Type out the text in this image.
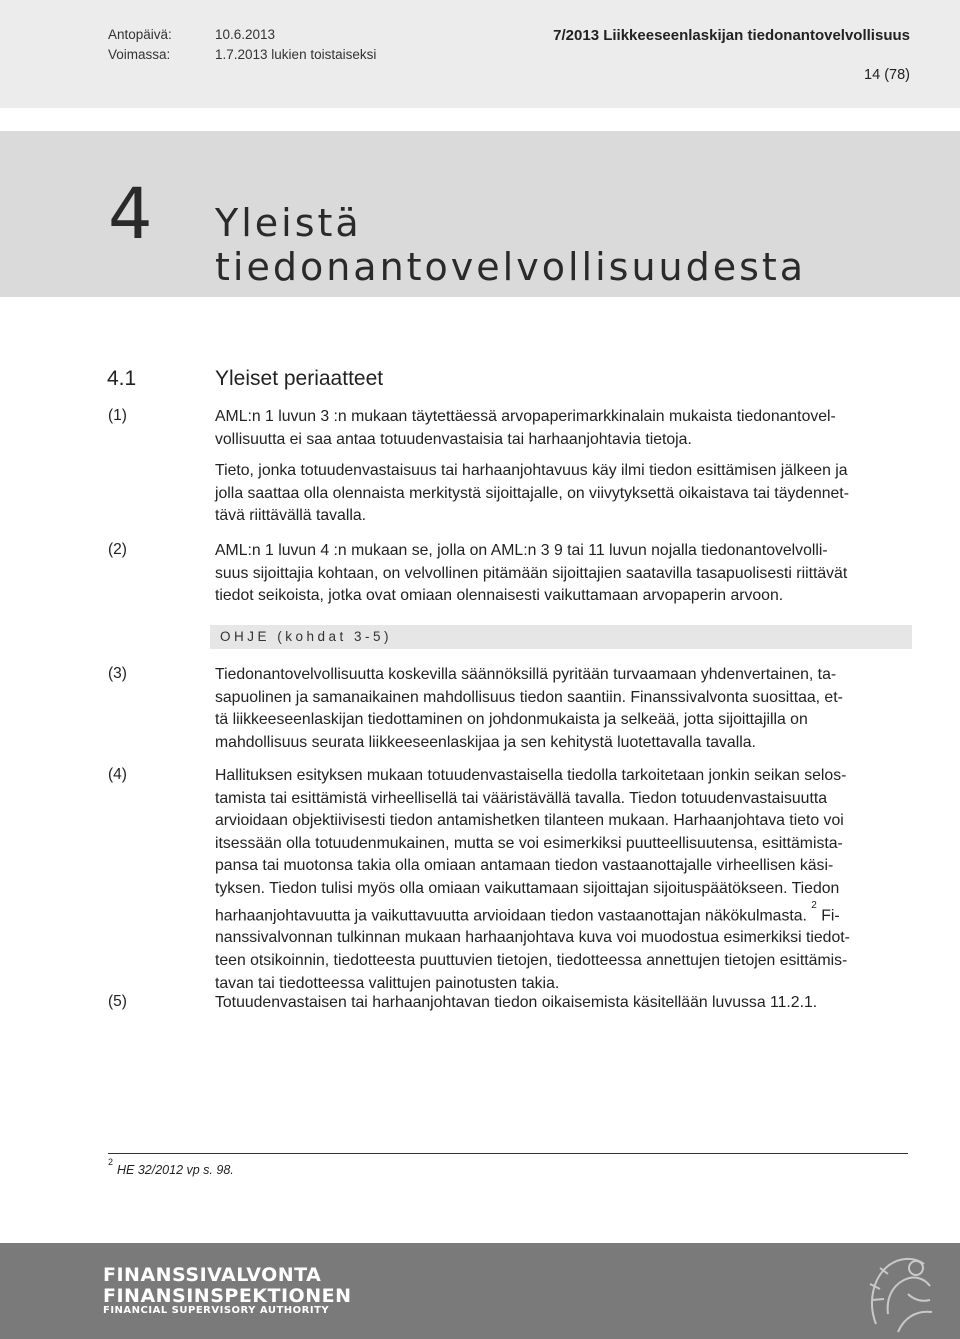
Antopäivä:	10.6.2013
Voimassa:	1.7.2013 lukien toistaiseksi
7/2013 Liikkeeseenlaskijan tiedonantovelvollisuus
14 (78)
4 Yleistä tiedonantovelvollisuudesta
4.1	Yleiset periaatteet
(1)	AML:n 1 luvun 3 :n mukaan täytettäessä arvopaperimarkkinalain mukaista tiedonantovel-
vollisuutta ei saa antaa totuudenvastaisia tai harhaanjohtavia tietoja.
Tieto, jonka totuudenvastaisuus tai harhaanjohtavuus käy ilmi tiedon esittämisen jälkeen ja
jolla saattaa olla olennaista merkitystä sijoittajalle, on viivytyksettä oikaistava tai täydennet-
tävä riittävällä tavalla.
(2)	AML:n 1 luvun 4 :n mukaan se, jolla on AML:n 3 9 tai 11 luvun nojalla tiedonantovelvolli-
suus sijoittajia kohtaan, on velvollinen pitämään sijoittajien saatavilla tasapuolisesti riittävät
tiedot seikoista, jotka ovat omiaan olennaisesti vaikuttamaan arvopaperin arvoon.
OHJE (kohdat 3-5)
(3)	Tiedonantovelvollisuutta koskevilla säännöksillä pyritään turvaamaan yhdenvertainen, ta-
sapuolinen ja samanaikainen mahdollisuus tiedon saantiin. Finanssivalvonta suosittaa, et-
tä liikkeeseenlaskijan tiedottaminen on johdonmukaista ja selkeää, jotta sijoittajilla on
mahdollisuus seurata liikkeeseenlaskijaa ja sen kehitystä luotettavalla tavalla.
(4)	Hallituksen esityksen mukaan totuudenvastaisella tiedolla tarkoitetaan jonkin seikan selos-
tamista tai esittämistä virheellisellä tai vääristävällä tavalla. Tiedon totuudenvastaisuutta
arvioidaan objektiivisesti tiedon antamishetken tilanteen mukaan. Harhaanjohtava tieto voi
itsessään olla totuudenmukainen, mutta se voi esimerkiksi puutteellisuutensa, esittämista-
pansa tai muotonsa takia olla omiaan antamaan tiedon vastaanottajalle virheellisen käsi-
tyksen. Tiedon tulisi myös olla omiaan vaikuttamaan sijoittajan sijoituspäätökseen. Tiedon
harhaanjohtavuutta ja vaikuttavuutta arvioidaan tiedon vastaanottajan näkökulmasta. $^2$ Fi-
nanssivalvonnan tulkinnan mukaan harhaanjohtava kuva voi muodostua esimerkiksi tiedot-
teen otsikoinnin, tiedotteesta puuttuvien tietojen, tiedotteessa annettujen tietojen esittämis-
tavan tai tiedotteessa valittujen painotusten takia.
(5)	Totuudenvastaisen tai harhaanjohtavan tiedon oikaisemista käsitellään luvussa 11.2.1.
$^2$HE 32/2012 vp s. 98.
FINANSSIVALVONTA
FINANSINSPEKTIONEN
FINANCIAL SUPERVISORY AUTHORITY
